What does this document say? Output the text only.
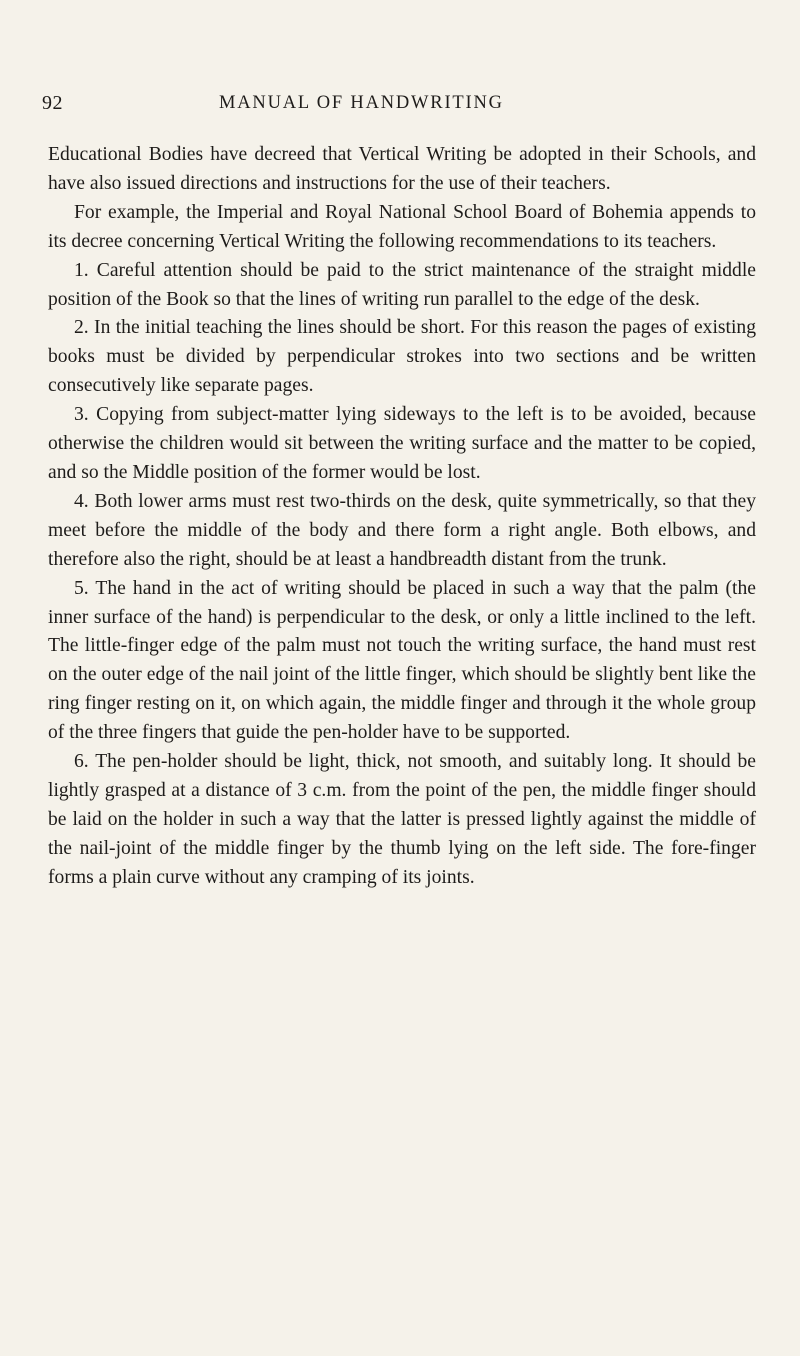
92	MANUAL OF HANDWRITING

Educational Bodies have decreed that Vertical Writing be adopted in their Schools, and have also issued directions and instructions for the use of their teachers.

For example, the Imperial and Royal National School Board of Bohemia appends to its decree concerning Vertical Writing the following recommendations to its teachers.

1. Careful attention should be paid to the strict maintenance of the straight middle position of the Book so that the lines of writing run parallel to the edge of the desk.

2. In the initial teaching the lines should be short. For this reason the pages of existing books must be divided by perpendicular strokes into two sections and be written consecutively like separate pages.

3. Copying from subject-matter lying sideways to the left is to be avoided, because otherwise the children would sit between the writing surface and the matter to be copied, and so the Middle position of the former would be lost.

4. Both lower arms must rest two-thirds on the desk, quite symmetrically, so that they meet before the middle of the body and there form a right angle. Both elbows, and therefore also the right, should be at least a handbreadth distant from the trunk.

5. The hand in the act of writing should be placed in such a way that the palm (the inner surface of the hand) is perpendicular to the desk, or only a little inclined to the left. The little-finger edge of the palm must not touch the writing surface, the hand must rest on the outer edge of the nail joint of the little finger, which should be slightly bent like the ring finger resting on it, on which again, the middle finger and through it the whole group of the three fingers that guide the pen-holder have to be supported.

6. The pen-holder should be light, thick, not smooth, and suitably long. It should be lightly grasped at a distance of 3 c.m. from the point of the pen, the middle finger should be laid on the holder in such a way that the latter is pressed lightly against the middle of the nail-joint of the middle finger by the thumb lying on the left side. The fore-finger forms a plain curve without any cramping of its joints.
